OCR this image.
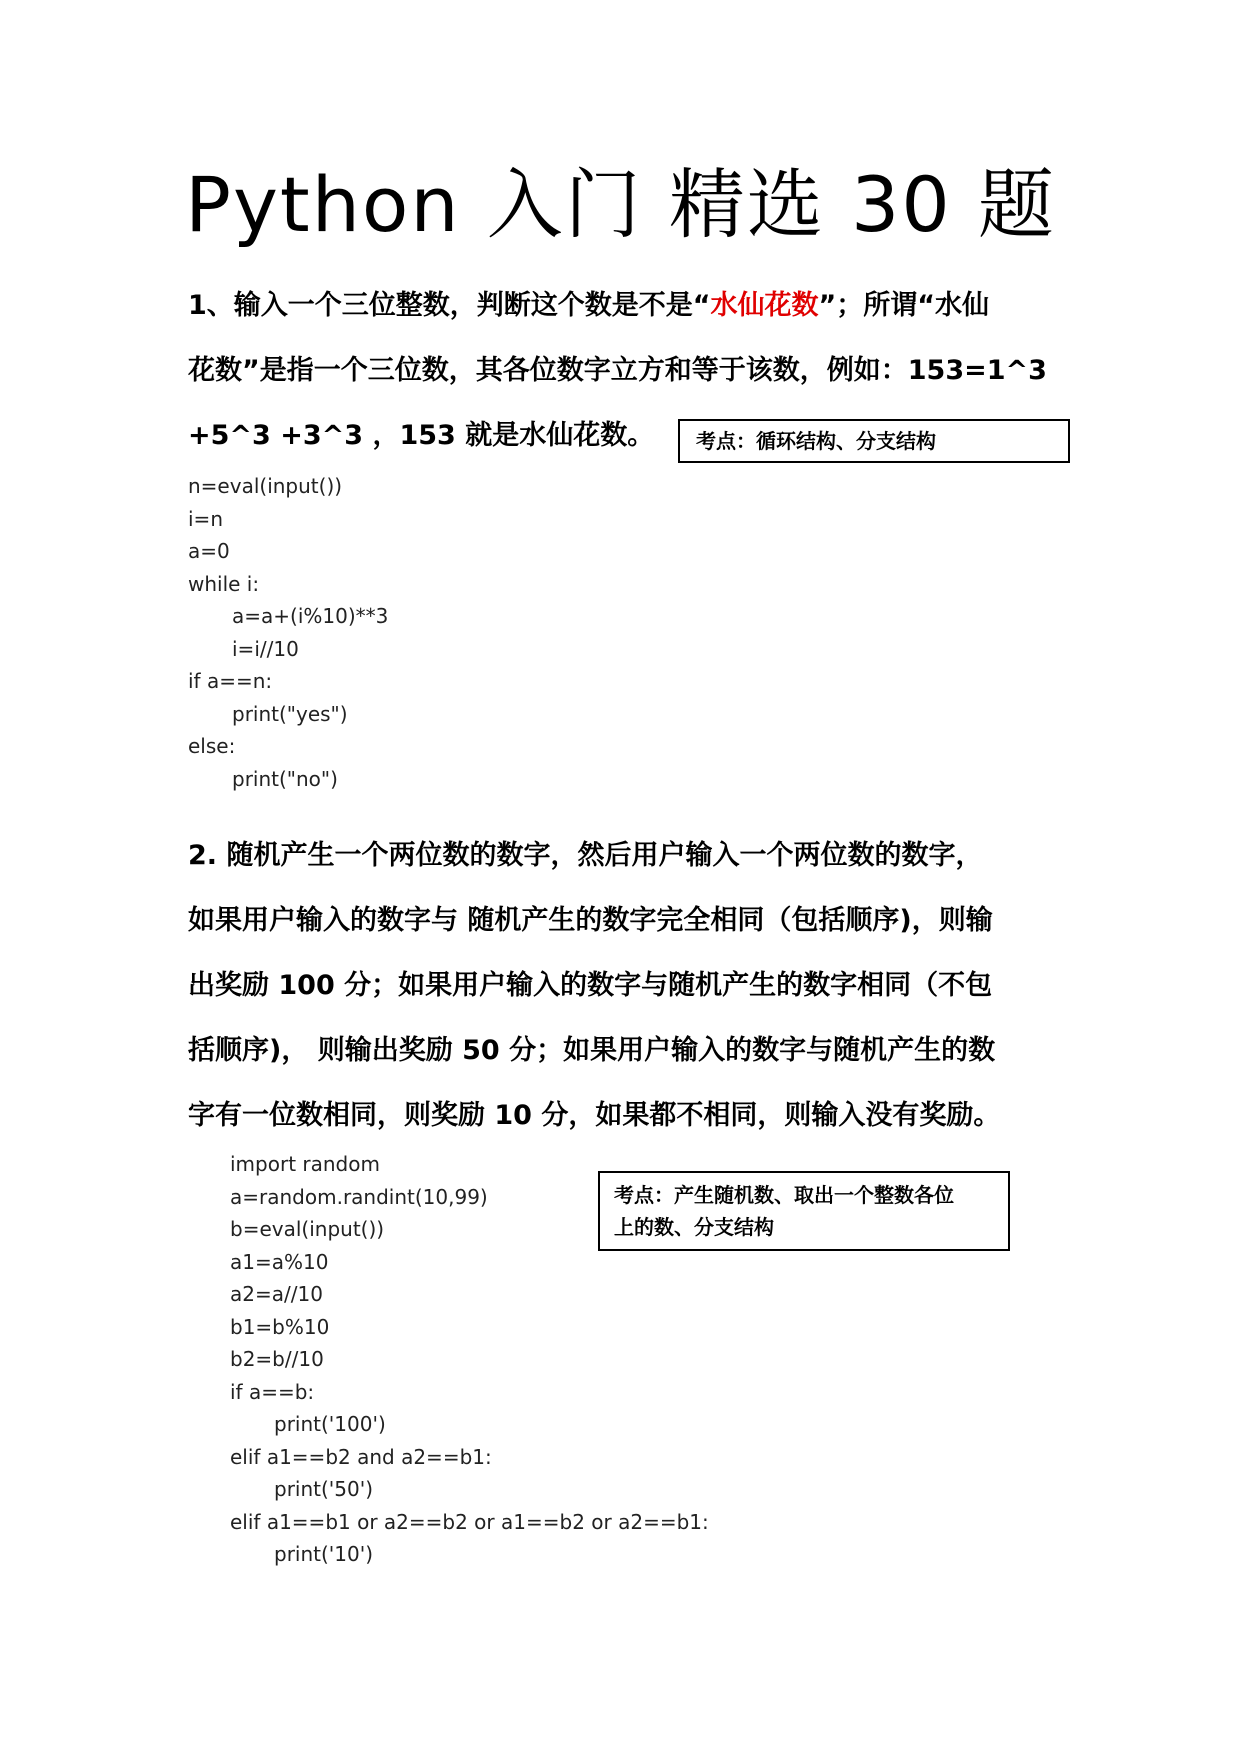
Python 入门 精选 30 题
1、输入一个三位整数，判断这个数是不是“水仙花数”；所谓“水仙
花数”是指一个三位数，其各位数字立方和等于该数，例如：153=1^3
+5^3 +3^3 ，153 就是水仙花数。	考点：循环结构、分支结构
n=eval(input())
i=n
a=0
while i:
a=a+(i%10)**3
i=i//10
if a==n:
print("yes")
else:
print("no")
2. 随机产生一个两位数的数字，然后用户输入一个两位数的数字，
如果用户输入的数字与 随机产生的数字完全相同（包括顺序)，则输
出奖励 100 分；如果用户输入的数字与随机产生的数字相同（不包
括顺序)， 则输出奖励 50 分；如果用户输入的数字与随机产生的数
字有一位数相同，则奖励 10 分，如果都不相同，则输入没有奖励。
考点：产生随机数、取出一个整数各位
上的数、分支结构
import random
a=random.randint(10,99)
b=eval(input())
a1=a%10
a2=a//10
b1=b%10
b2=b//10
if a==b:
print('100')
elif a1==b2 and a2==b1:
print('50')
elif a1==b1 or a2==b2 or a1==b2 or a2==b1:
print('10')
